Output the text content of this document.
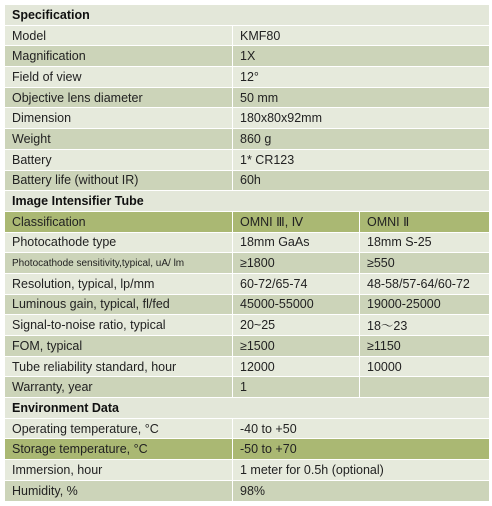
Specification		
Model	KMF80	
Magnification	1X	
Field of view	12°	
Objective lens diameter	50 mm	
Dimension	180x80x92mm	
Weight	860 g	
Battery	1* CR123	
Battery life (without IR)	60h	
Image Intensifier Tube		
Classification	OMNI Ⅲ, Ⅳ	OMNI Ⅱ
Photocathode type	18mm GaAs	18mm S-25
Photocathode sensitivity,typical, uA/ lm	≥1800	≥550
Resolution, typical, lp/mm	60-72/65-74	48-58/57-64/60-72
Luminous gain, typical, fl/fed	45000-55000	19000-25000
Signal-to-noise ratio, typical	20~25	18～23
FOM, typical	≥1500	≥1150
Tube reliability standard, hour	12000	10000
Warranty, year	1	
Environment Data		
Operating temperature, °C	-40 to +50	
Storage temperature, °C	-50 to +70	
Immersion, hour	1 meter for 0.5h (optional)	
Humidity, %	98%	
